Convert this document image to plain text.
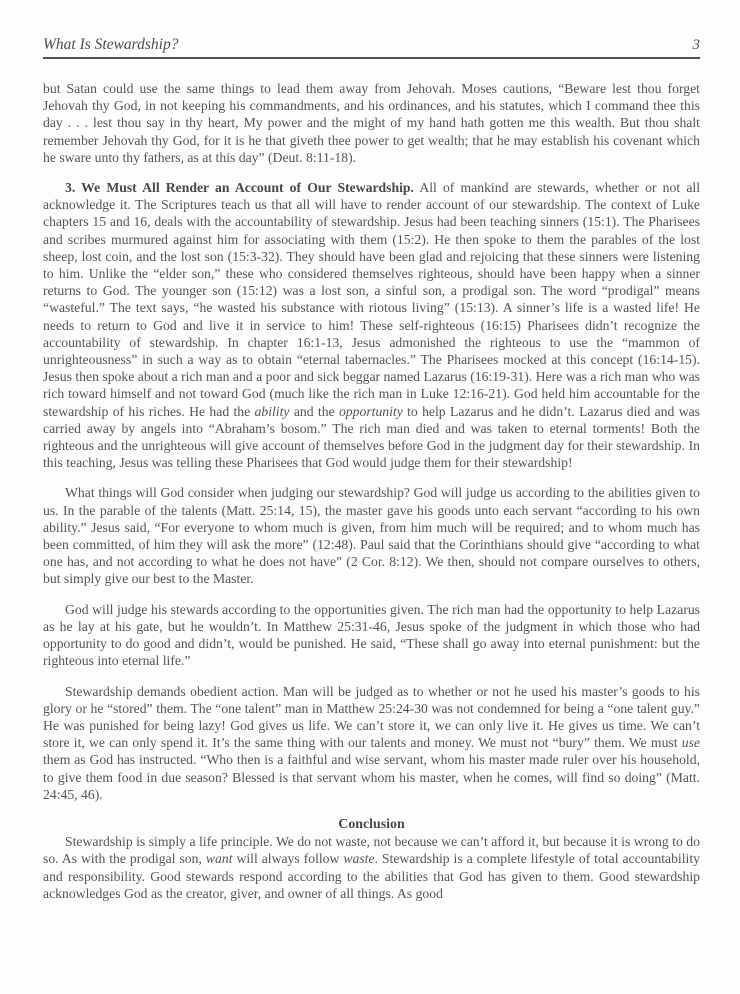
What Is Stewardship?	3

but Satan could use the same things to lead them away from Jehovah. Moses cautions, “Beware lest thou forget Jehovah thy God, in not keeping his commandments, and his ordinances, and his statutes, which I command thee this day . . . lest thou say in thy heart, My power and the might of my hand hath gotten me this wealth. But thou shalt remember Jehovah thy God, for it is he that giveth thee power to get wealth; that he may establish his covenant which he sware unto thy fathers, as at this day” (Deut. 8:11-18).

3. We Must All Render an Account of Our Stewardship. All of mankind are stewards, whether or not all acknowledge it. The Scriptures teach us that all will have to render account of our stewardship. The context of Luke chapters 15 and 16, deals with the accountability of stewardship. Jesus had been teaching sinners (15:1). The Pharisees and scribes murmured against him for associating with them (15:2). He then spoke to them the parables of the lost sheep, lost coin, and the lost son (15:3-32). They should have been glad and rejoicing that these sinners were listening to him. Unlike the “elder son,” these who considered themselves righteous, should have been happy when a sinner returns to God. The younger son (15:12) was a lost son, a sinful son, a prodigal son. The word “prodigal” means “wasteful.” The text says, “he wasted his substance with riotous living” (15:13). A sinner’s life is a wasted life! He needs to return to God and live it in service to him! These self-righteous (16:15) Pharisees didn’t recognize the accountability of stewardship. In chapter 16:1-13, Jesus admonished the righteous to use the “mammon of unrighteousness” in such a way as to obtain “eternal tabernacles.” The Pharisees mocked at this concept (16:14-15). Jesus then spoke about a rich man and a poor and sick beggar named Lazarus (16:19-31). Here was a rich man who was rich toward himself and not toward God (much like the rich man in Luke 12:16-21). God held him accountable for the stewardship of his riches. He had the ability and the opportunity to help Lazarus and he didn’t. Lazarus died and was carried away by angels into “Abraham’s bosom.” The rich man died and was taken to eternal torments! Both the righteous and the unrighteous will give account of themselves before God in the judgment day for their stewardship. In this teaching, Jesus was telling these Pharisees that God would judge them for their stewardship!

What things will God consider when judging our stewardship? God will judge us according to the abilities given to us. In the parable of the talents (Matt. 25:14, 15), the master gave his goods unto each servant “according to his own ability.” Jesus said, “For everyone to whom much is given, from him much will be required; and to whom much has been committed, of him they will ask the more” (12:48). Paul said that the Corinthians should give “according to what one has, and not according to what he does not have” (2 Cor. 8:12). We then, should not compare ourselves to others, but simply give our best to the Master.

God will judge his stewards according to the opportunities given. The rich man had the opportunity to help Lazarus as he lay at his gate, but he wouldn’t. In Matthew 25:31-46, Jesus spoke of the judgment in which those who had opportunity to do good and didn’t, would be punished. He said, “These shall go away into eternal punishment: but the righteous into eternal life.”

Stewardship demands obedient action. Man will be judged as to whether or not he used his master’s goods to his glory or he “stored” them. The “one talent” man in Matthew 25:24-30 was not condemned for being a “one talent guy.” He was punished for being lazy! God gives us life. We can’t store it, we can only live it. He gives us time. We can’t store it, we can only spend it. It’s the same thing with our talents and money. We must not “bury” them. We must use them as God has instructed. “Who then is a faithful and wise servant, whom his master made ruler over his household, to give them food in due season? Blessed is that servant whom his master, when he comes, will find so doing” (Matt. 24:45, 46).

Conclusion

Stewardship is simply a life principle. We do not waste, not because we can’t afford it, but because it is wrong to do so. As with the prodigal son, want will always follow waste. Stewardship is a complete lifestyle of total accountability and responsibility. Good stewards respond according to the abilities that God has given to them. Good stewardship acknowledges God as the creator, giver, and owner of all things. As good
